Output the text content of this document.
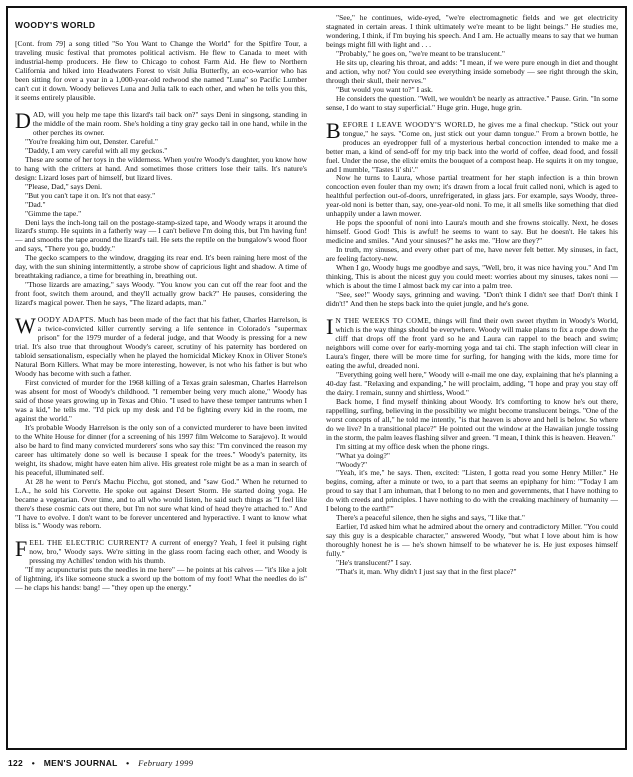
WOODY'S WORLD

[Cont. from 79] a song titled "So You Want to Change the World" for the Spitfire Tour, a traveling music festival that promotes political activism. He flew to Canada to meet with industrial-hemp producers. He flew to Chicago to cohost Farm Aid. He flew to Northern California and hiked into Headwaters Forest to visit Julia Butterfly, an eco-warrior who has been sitting for over a year in a 1,000-year-old redwood she named "Luna" so Pacific Lumber can't cut it down. Woody believes Luna and Julia talk to each other, and when he tells you this, it seems entirely plausible.

DAD, will you help me tape this lizard's tail back on?" says Deni in singsong, standing in the middle of the main room. She's holding a tiny gray gecko tail in one hand, while in the other perches its owner.

"You're freaking him out, Denster. Careful."

"Daddy, I am very careful with all my geckos."

These are some of her toys in the wilderness. When you're Woody's daughter, you know how to hang with the critters at hand. And sometimes those critters lose their tails. It's nature's design: Lizard loses part of himself, but lizard lives.

"Please, Dad," says Deni.

"But you can't tape it on. It's not that easy."

"Dad."

"Gimme the tape."

Deni lays the inch-long tail on the postage-stamp-sized tape, and Woody wraps it around the lizard's stump. He squints in a fatherly way — I can't believe I'm doing this, but I'm having fun! — and smooths the tape around the lizard's tail. He sets the reptile on the bungalow's wood floor and says, "There you go, buddy."

The gecko scampers to the window, dragging its rear end. It's been raining here most of the day, with the sun shining intermittently, a strobe show of capricious light and shadow. A time of breathtaking radiance, a time for breathing in, breathing out.

"Those lizards are amazing," says Woody. "You know you can cut off the rear foot and the front foot, switch them around, and they'll actually grow back?" He pauses, considering the lizard's magical power. Then he says, "The lizard adapts, man."

WOODY ADAPTS. Much has been made of the fact that his father, Charles Harrelson, is a twice-convicted killer currently serving a life sentence in Colorado's "supermax prison" for the 1979 murder of a federal judge, and that Woody is pressing for a new trial. It's also true that throughout Woody's career, scrutiny of his paternity has bordered on tabloid sensationalism, especially when he played the homicidal Mickey Knox in Oliver Stone's Natural Born Killers. What may be more interesting, however, is not who his father is but who Woody has become with such a father.

First convicted of murder for the 1968 killing of a Texas grain salesman, Charles Harrelson was absent for most of Woody's childhood. "I remember being very much alone," Woody has said of those years growing up in Texas and Ohio. "I used to have these temper tantrums when I was a kid," he tells me. "I'd pick up my desk and I'd be fighting every kid in the room, me against the world."

It's probable Woody Harrelson is the only son of a convicted murderer to have been invited to the White House for dinner (for a screening of his 1997 film Welcome to Sarajevo). It would also be hard to find many convicted murderers' sons who say this: "I'm convinced the reason my career has ultimately done so well is because I speak for the trees." Woody's paternity, its weight, its shadow, might have eaten him alive. His greatest role might be as a man in search of his peaceful, illuminated self.

At 28 he went to Peru's Machu Picchu, got stoned, and "saw God." When he returned to L.A., he sold his Corvette. He spoke out against Desert Storm. He started doing yoga. He became a vegetarian. Over time, and to all who would listen, he said such things as "I feel like there's these cosmic cats out there, but I'm not sure what kind of head they're attached to." And "I have to evolve. I don't want to be forever uncentered and hyperactive. I want to know what bliss is." Woody was reborn.

FEEL THE ELECTRIC CURRENT? A current of energy? Yeah, I feel it pulsing right now, bro," Woody says. We're sitting in the glass room facing each other, and Woody is pressing my Achilles' tendon with his thumb.

"If my acupuncturist puts the needles in me here" — he points at his calves — "it's like a jolt of lightning, it's like someone stuck a sword up the bottom of my foot! What the needles do is" — he claps his hands: bang! — "they open up the energy."

"See," he continues, wide-eyed, "we're electromagnetic fields and we get electricity stagnated in certain areas. I think ultimately we're meant to be light beings." He studies me, wondering, I think, if I'm buying his speech. And I am. He actually means to say that we human beings might fill with light and . . .

"Probably," he goes on, "we're meant to be translucent."

He sits up, clearing his throat, and adds: "I mean, if we were pure enough in diet and thought and action, why not? You could see everything inside somebody — see right through the skin, through their skull, their nerves."

"But would you want to?" I ask.

He considers the question. "Well, we wouldn't be nearly as attractive." Pause. Grin. "In some sense, I do want to stay superficial." Huge grin. Huge, huge grin.

BEFORE I LEAVE WOODY'S WORLD, he gives me a final checkup. "Stick out your tongue," he says. "Come on, just stick out your damn tongue." From a brown bottle, he produces an eyedropper full of a mysterious herbal concoction intended to make me a better man, a kind of send-off for my trip back into the world of coffee, dead food, and fossil fuel. Under the nose, the elixir emits the bouquet of a compost heap. He squirts it on my tongue, and I mumble, "Tastes li' shi'."

Now he turns to Laura, whose partial treatment for her staph infection is a thin brown concoction even fouler than my own; it's drawn from a local fruit called noni, which is aged to healthful perfection out-of-doors, unrefrigerated, in glass jars. For example, says Woody, three-year-old noni is better than, say, one-year-old noni. To me, it all smells like something that died unhappily under a lawn mower.

He pops the spoonful of noni into Laura's mouth and she frowns stoically. Next, he doses himself. Good God! This is awful! he seems to want to say. But he doesn't. He takes his medicine and smiles. "And your sinuses?" he asks me. "How are they?"

In truth, my sinuses, and every other part of me, have never felt better. My sinuses, in fact, are feeling factory-new.

When I go, Woody hugs me goodbye and says, "Well, bro, it was nice having you." And I'm thinking, This is about the nicest guy you could meet: worries about my sinuses, takes noni — which is about the time I almost back my car into a palm tree.

"See, see!" Woody says, grinning and waving. "Don't think I didn't see that! Don't think I didn't!" And then he steps back into the quiet jungle, and he's gone.

I N THE WEEKS TO COME, things will find their own sweet rhythm in Woody's World, which is the way things should be everywhere. Woody will make plans to fix a rope down the cliff that drops off the front yard so he and Laura can rappel to the beach and swim; neighbors will come over for early-morning yoga and tai chi. The staph infection will clear in Laura's finger, there will be more time for surfing, for hanging with the kids, more time for eating the awful, dreaded noni.

"Everything going well here," Woody will e-mail me one day, explaining that he's planning a 40-day fast. "Relaxing and expanding," he will proclaim, adding, "I hope and pray you stay off the dairy. I remain, sunny and shirtless, Wood."

Back home, I find myself thinking about Woody. It's comforting to know he's out there, rappelling, surfing, believing in the possibility we might become translucent beings. "One of the worst concepts of all," he told me intently, "is that heaven is above and hell is below. So where do we live? In a transitional place?" He pointed out the window at the Hawaiian jungle tossing in the storm, the palm leaves flashing silver and green. "I mean, I think this is heaven. Heaven."

I'm sitting at my office desk when the phone rings.

"What ya doing?"

"Woody?"

"Yeah, it's me," he says. Then, excited: "Listen, I gotta read you some Henry Miller." He begins, coming, after a minute or two, to a part that seems an epiphany for him: "'Today I am proud to say that I am inhuman, that I belong to no men and governments, that I have nothing to do with creeds and principles. I have nothing to do with the creaking machinery of humanity — I belong to the earth!'"

There's a peaceful silence, then he sighs and says, "I like that."

Earlier, I'd asked him what he admired about the ornery and contradictory Miller. "You could say this guy is a despicable character," answered Woody, "but what I love about him is how thoroughly honest he is — he's shown himself to be whatever he is. He just exposes himself fully."

"He's translucent?" I say.

"That's it, man. Why didn't I just say that in the first place?"

122 • MEN'S JOURNAL • February 1999
